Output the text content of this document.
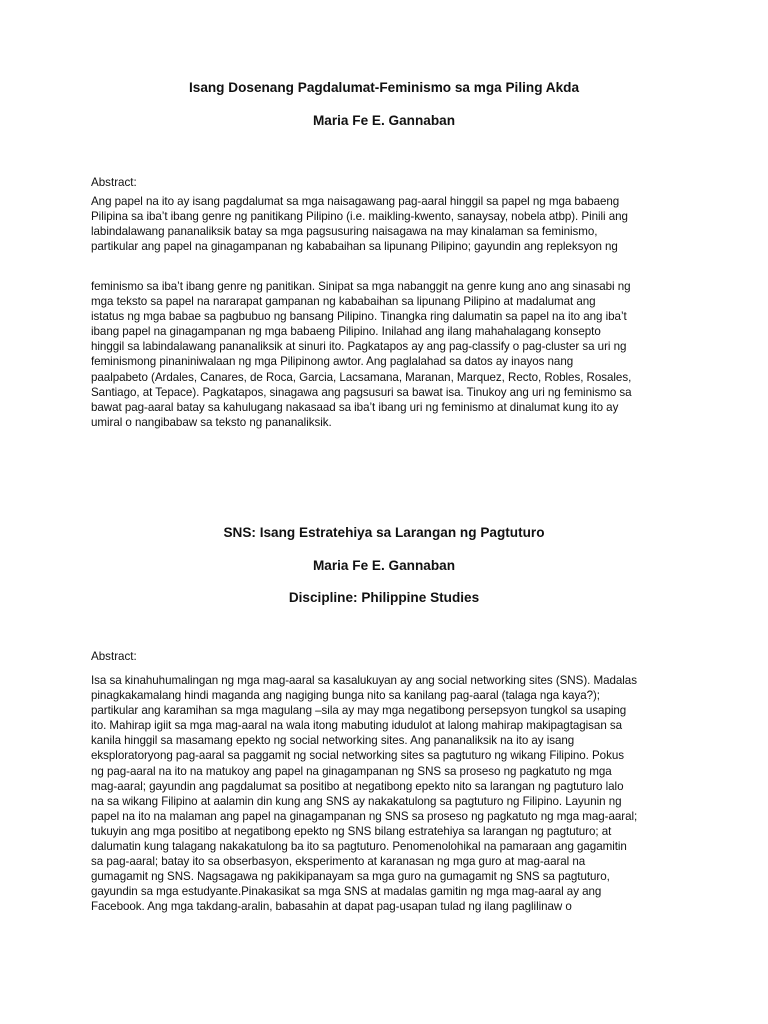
Isang Dosenang Pagdalumat-Feminismo sa mga Piling Akda
Maria Fe E. Gannaban
Abstract:
Ang papel na ito ay isang pagdalumat sa mga naisagawang pag-aaral hinggil sa papel ng mga babaeng
Pilipina sa iba’t ibang genre ng panitikang Pilipino (i.e. maikling-kwento, sanaysay, nobela atbp). Pinili ang
labindalawang pananaliksik batay sa mga pagsusuring naisagawa na may kinalaman sa feminismo,
partikular ang papel na ginagampanan ng kababaihan sa lipunang Pilipino; gayundin ang repleksyon ng
feminismo sa iba’t ibang genre ng panitikan. Sinipat sa mga nabanggit na genre kung ano ang sinasabi ng
mga teksto sa papel na nararapat gampanan ng kababaihan sa lipunang Pilipino at madalumat ang
istatus ng mga babae sa pagbubuo ng bansang Pilipino. Tinangka ring dalumatin sa papel na ito ang iba’t
ibang papel na ginagampanan ng mga babaeng Pilipino. Inilahad ang ilang mahahalagang konsepto
hinggil sa labindalawang pananaliksik at sinuri ito. Pagkatapos ay ang pag-classify o pag-cluster sa uri ng
feminismong pinaniniwalaan ng mga Pilipinong awtor. Ang paglalahad sa datos ay inayos nang
paalpabeto (Ardales, Canares, de Roca, Garcia, Lacsamana, Maranan, Marquez, Recto, Robles, Rosales,
Santiago, at Tepace). Pagkatapos, sinagawa ang pagsusuri sa bawat isa. Tinukoy ang uri ng feminismo sa
bawat pag-aaral batay sa kahulugang nakasaad sa iba’t ibang uri ng feminismo at dinalumat kung ito ay
umiral o nangibabaw sa teksto ng pananaliksik.
SNS: Isang Estratehiya sa Larangan ng Pagtuturo
Maria Fe E. Gannaban
Discipline: Philippine Studies
Abstract:
Isa sa kinahuhumalingan ng mga mag-aaral sa kasalukuyan ay ang social networking sites (SNS). Madalas
pinagkakamalang hindi maganda ang nagiging bunga nito sa kanilang pag-aaral (talaga nga kaya?);
partikular ang karamihan sa mga magulang –sila ay may mga negatibong persepsyon tungkol sa usaping
ito. Mahirap igiit sa mga mag-aaral na wala itong mabuting idudulot at lalong mahirap makipagtagisan sa
kanila hinggil sa masamang epekto ng social networking sites. Ang pananaliksik na ito ay isang
eksploratoryong pag-aaral sa paggamit ng social networking sites sa pagtuturo ng wikang Filipino. Pokus
ng pag-aaral na ito na matukoy ang papel na ginagampanan ng SNS sa proseso ng pagkatuto ng mga
mag-aaral; gayundin ang pagdalumat sa positibo at negatibong epekto nito sa larangan ng pagtuturo lalo
na sa wikang Filipino at aalamin din kung ang SNS ay nakakatulong sa pagtuturo ng Filipino. Layunin ng
papel na ito na malaman ang papel na ginagampanan ng SNS sa proseso ng pagkatuto ng mga mag-aaral;
tukuyin ang mga positibo at negatibong epekto ng SNS bilang estratehiya sa larangan ng pagtuturo; at
dalumatin kung talagang nakakatulong ba ito sa pagtuturo. Penomenolohikal na pamaraan ang gagamitin
sa pag-aaral; batay ito sa obserbasyon, eksperimento at karanasan ng mga guro at mag-aaral na
gumagamit ng SNS. Nagsagawa ng pakikipanayam sa mga guro na gumagamit ng SNS sa pagtuturo,
gayundin sa mga estudyante.Pinakasikat sa mga SNS at madalas gamitin ng mga mag-aaral ay ang
Facebook. Ang mga takdang-aralin, babasahin at dapat pag-usapan tulad ng ilang paglilinaw o
